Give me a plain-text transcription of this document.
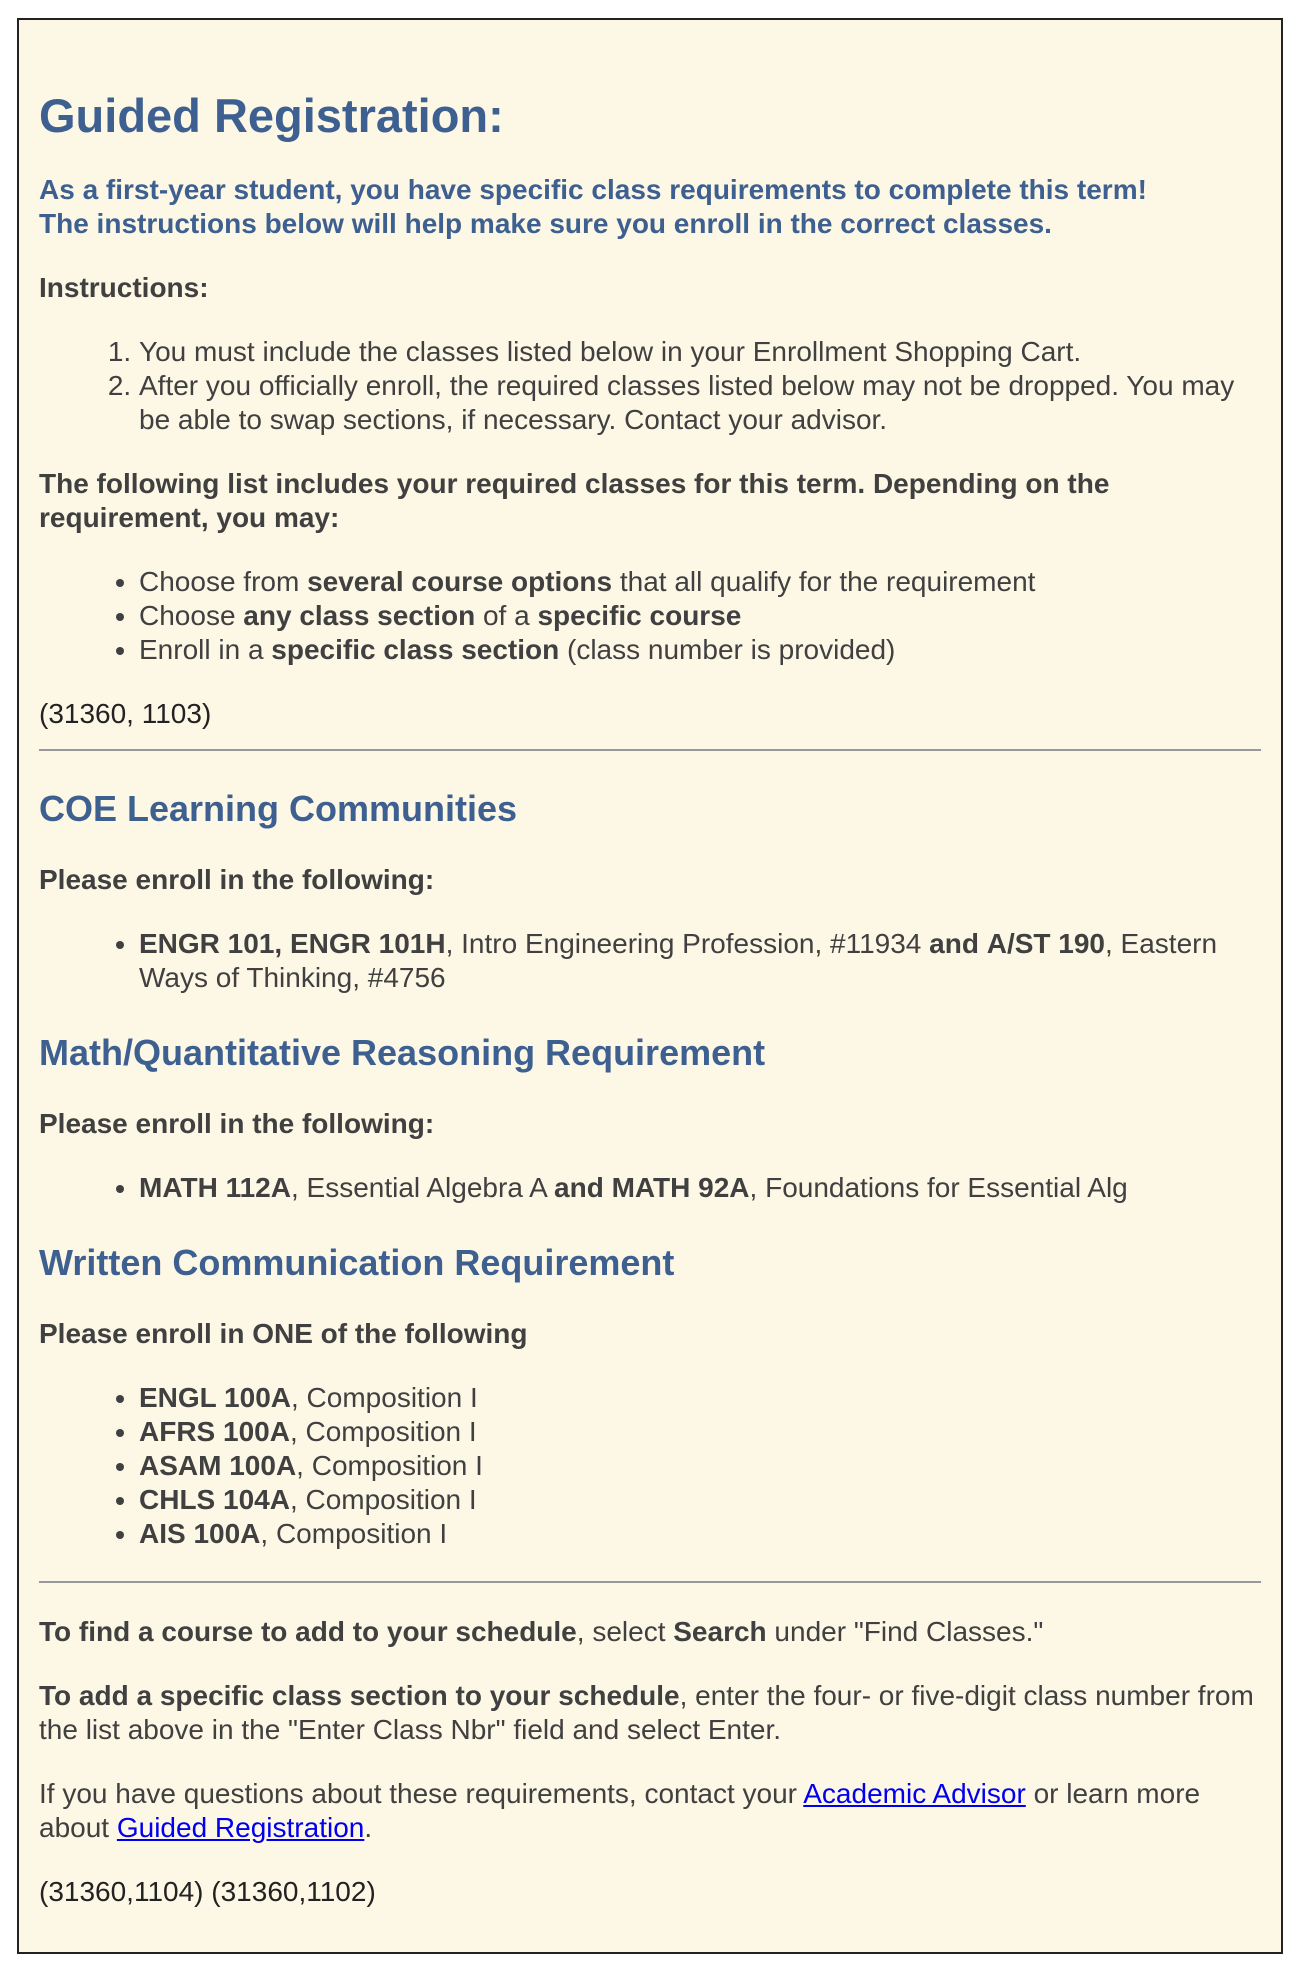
Guided Registration:
As a first-year student, you have specific class requirements to complete this term!
The instructions below will help make sure you enroll in the correct classes.
Instructions:
1. You must include the classes listed below in your Enrollment Shopping Cart.
2. After you officially enroll, the required classes listed below may not be dropped. You may be able to swap sections, if necessary. Contact your advisor.
The following list includes your required classes for this term. Depending on the requirement, you may:
• Choose from several course options that all qualify for the requirement
• Choose any class section of a specific course
• Enroll in a specific class section (class number is provided)
(31360, 1103)
COE Learning Communities
Please enroll in the following:
• ENGR 101, ENGR 101H, Intro Engineering Profession, #11934 and A/ST 190, Eastern Ways of Thinking, #4756
Math/Quantitative Reasoning Requirement
Please enroll in the following:
• MATH 112A, Essential Algebra A and MATH 92A, Foundations for Essential Alg
Written Communication Requirement
Please enroll in ONE of the following
• ENGL 100A, Composition I
• AFRS 100A, Composition I
• ASAM 100A, Composition I
• CHLS 104A, Composition I
• AIS 100A, Composition I
To find a course to add to your schedule, select Search under "Find Classes."
To add a specific class section to your schedule, enter the four- or five-digit class number from the list above in the "Enter Class Nbr" field and select Enter.
If you have questions about these requirements, contact your Academic Advisor or learn more about Guided Registration.
(31360,1104) (31360,1102)
